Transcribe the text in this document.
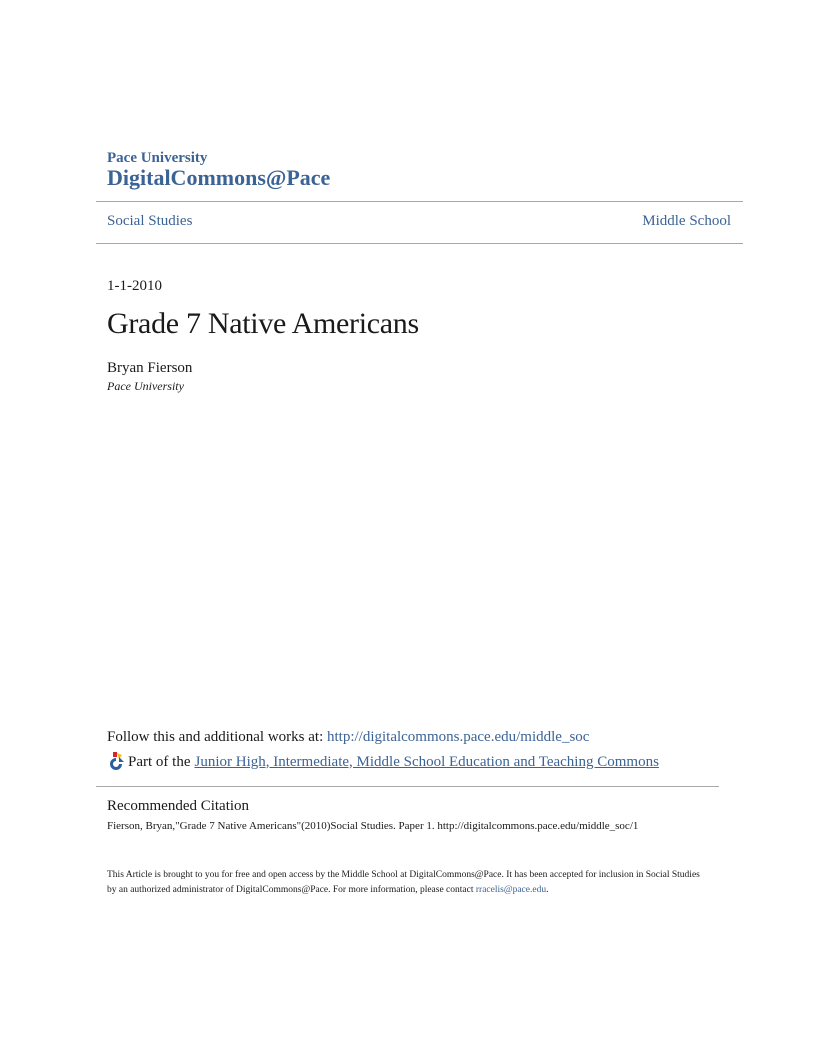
Pace University
DigitalCommons@Pace
Social Studies	Middle School
1-1-2010
Grade 7 Native Americans
Bryan Fierson
Pace University
Follow this and additional works at: http://digitalcommons.pace.edu/middle_soc
Part of the Junior High, Intermediate, Middle School Education and Teaching Commons
Recommended Citation
Fierson, Bryan,"Grade 7 Native Americans"(2010)Social Studies. Paper 1. http://digitalcommons.pace.edu/middle_soc/1
This Article is brought to you for free and open access by the Middle School at DigitalCommons@Pace. It has been accepted for inclusion in Social Studies by an authorized administrator of DigitalCommons@Pace. For more information, please contact rracelis@pace.edu.
